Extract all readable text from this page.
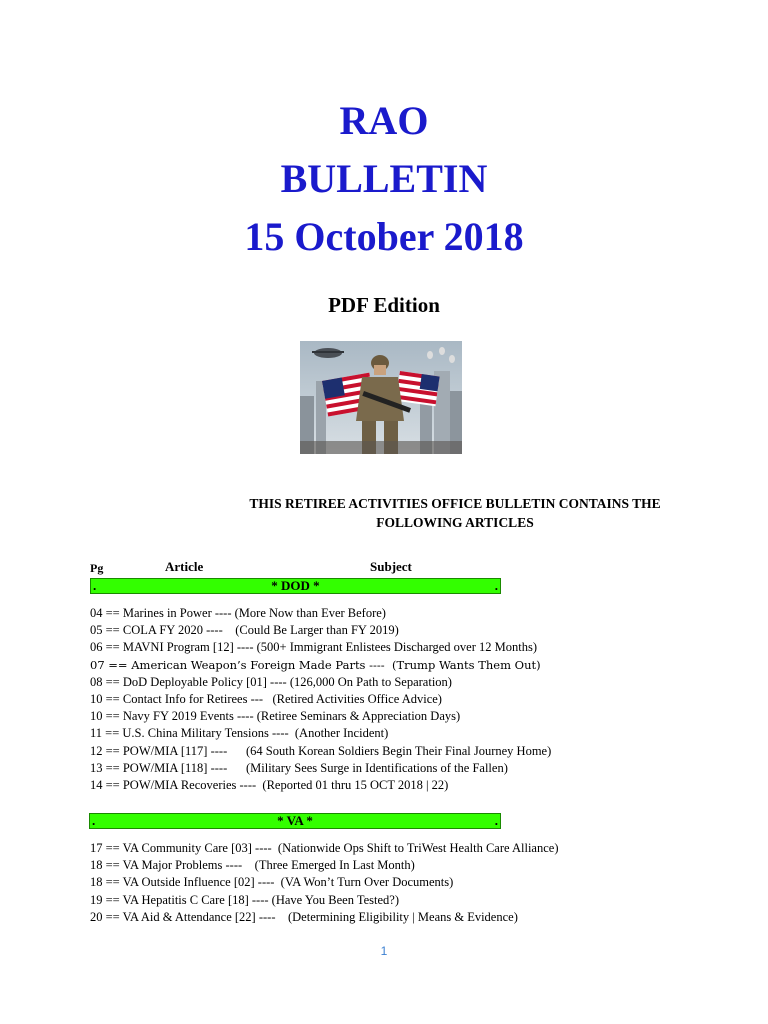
RAO
BULLETIN
15 October 2018
PDF Edition
THIS RETIREE ACTIVITIES OFFICE BULLETIN CONTAINS THE
FOLLOWING ARTICLES
Pg	Article	Subject
.	* DOD *	.
04 == Marines in Power ---- (More Now than Ever Before)
05 == COLA FY 2020 ----    (Could Be Larger than FY 2019)
06 == MAVNI Program [12] ---- (500+ Immigrant Enlistees Discharged over 12 Months)
07 == American Weapon’s Foreign Made Parts ----  (Trump Wants Them Out)
08 == DoD Deployable Policy [01] ---- (126,000 On Path to Separation)
10 == Contact Info for Retirees ---   (Retired Activities Office Advice)
10 == Navy FY 2019 Events ---- (Retiree Seminars & Appreciation Days)
11 == U.S. China Military Tensions ----  (Another Incident)
12 == POW/MIA [117] ----      (64 South Korean Soldiers Begin Their Final Journey Home)
13 == POW/MIA [118] ----      (Military Sees Surge in Identifications of the Fallen)
14 == POW/MIA Recoveries ----  (Reported 01 thru 15 OCT 2018 | 22)
.	* VA *	.
17 == VA Community Care [03] ----  (Nationwide Ops Shift to TriWest Health Care Alliance)
18 == VA Major Problems ----    (Three Emerged In Last Month)
18 == VA Outside Influence [02] ----  (VA Won’t Turn Over Documents)
19 == VA Hepatitis C Care [18] ---- (Have You Been Tested?)
20 == VA Aid & Attendance [22] ----    (Determining Eligibility | Means & Evidence)
1
